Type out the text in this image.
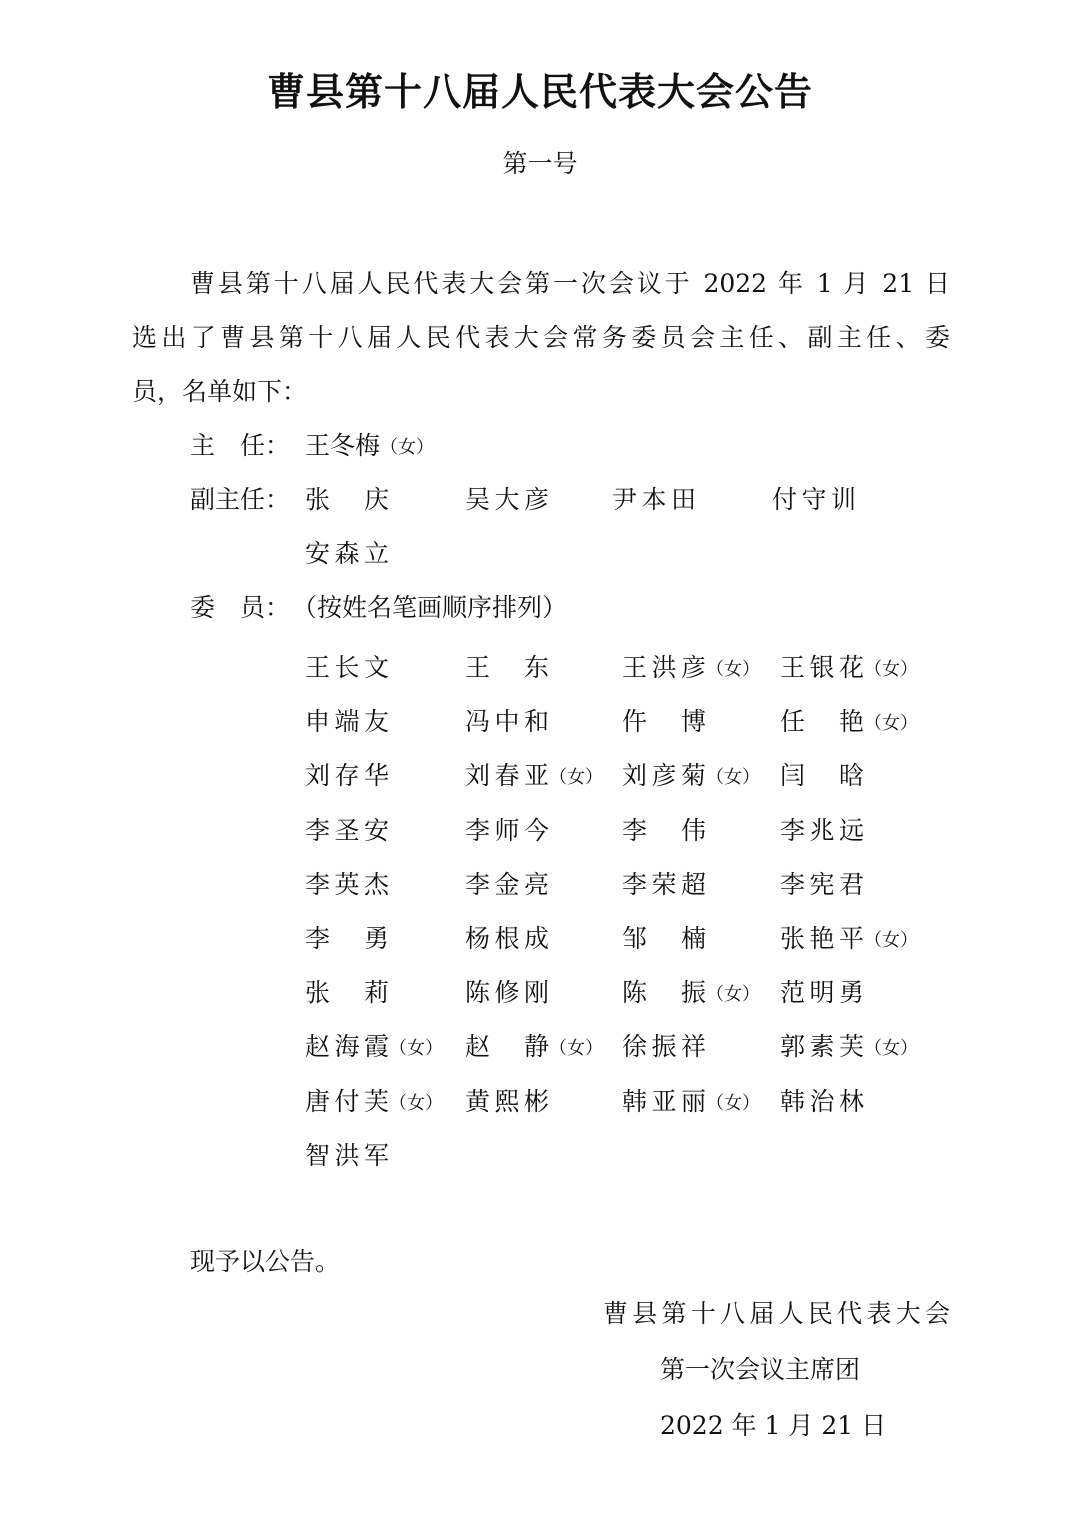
曹县第十八届人民代表大会公告
第一号
曹县第十八届人民代表大会第一次会议于 2022 年 1 月 21 日
选出了曹县第十八届人民代表大会常务委员会主任、副主任、委
员，名单如下：
主　任： 王冬梅（女）
副主任： 张　庆	吴大彦	尹本田	付守训
安森立
委　员： （按姓名笔画顺序排列）
王长文	王　东	王洪彦（女） 王银花（女）
申端友	冯中和	仵　博	任　艳（女）
刘存华	刘春亚（女） 刘彦菊（女） 闫　晗
李圣安	李师今	李　伟	李兆远
李英杰	李金亮	李荣超	李宪君
李　勇	杨根成	邹　楠	张艳平（女）
张　莉	陈修刚	陈　振（女） 范明勇
赵海霞（女） 赵　静（女） 徐振祥	郭素芙（女）
唐付芙（女） 黄熙彬	韩亚丽（女） 韩治林
智洪军
现予以公告。
曹县第十八届人民代表大会
第一次会议主席团
2022 年 1 月 21 日
